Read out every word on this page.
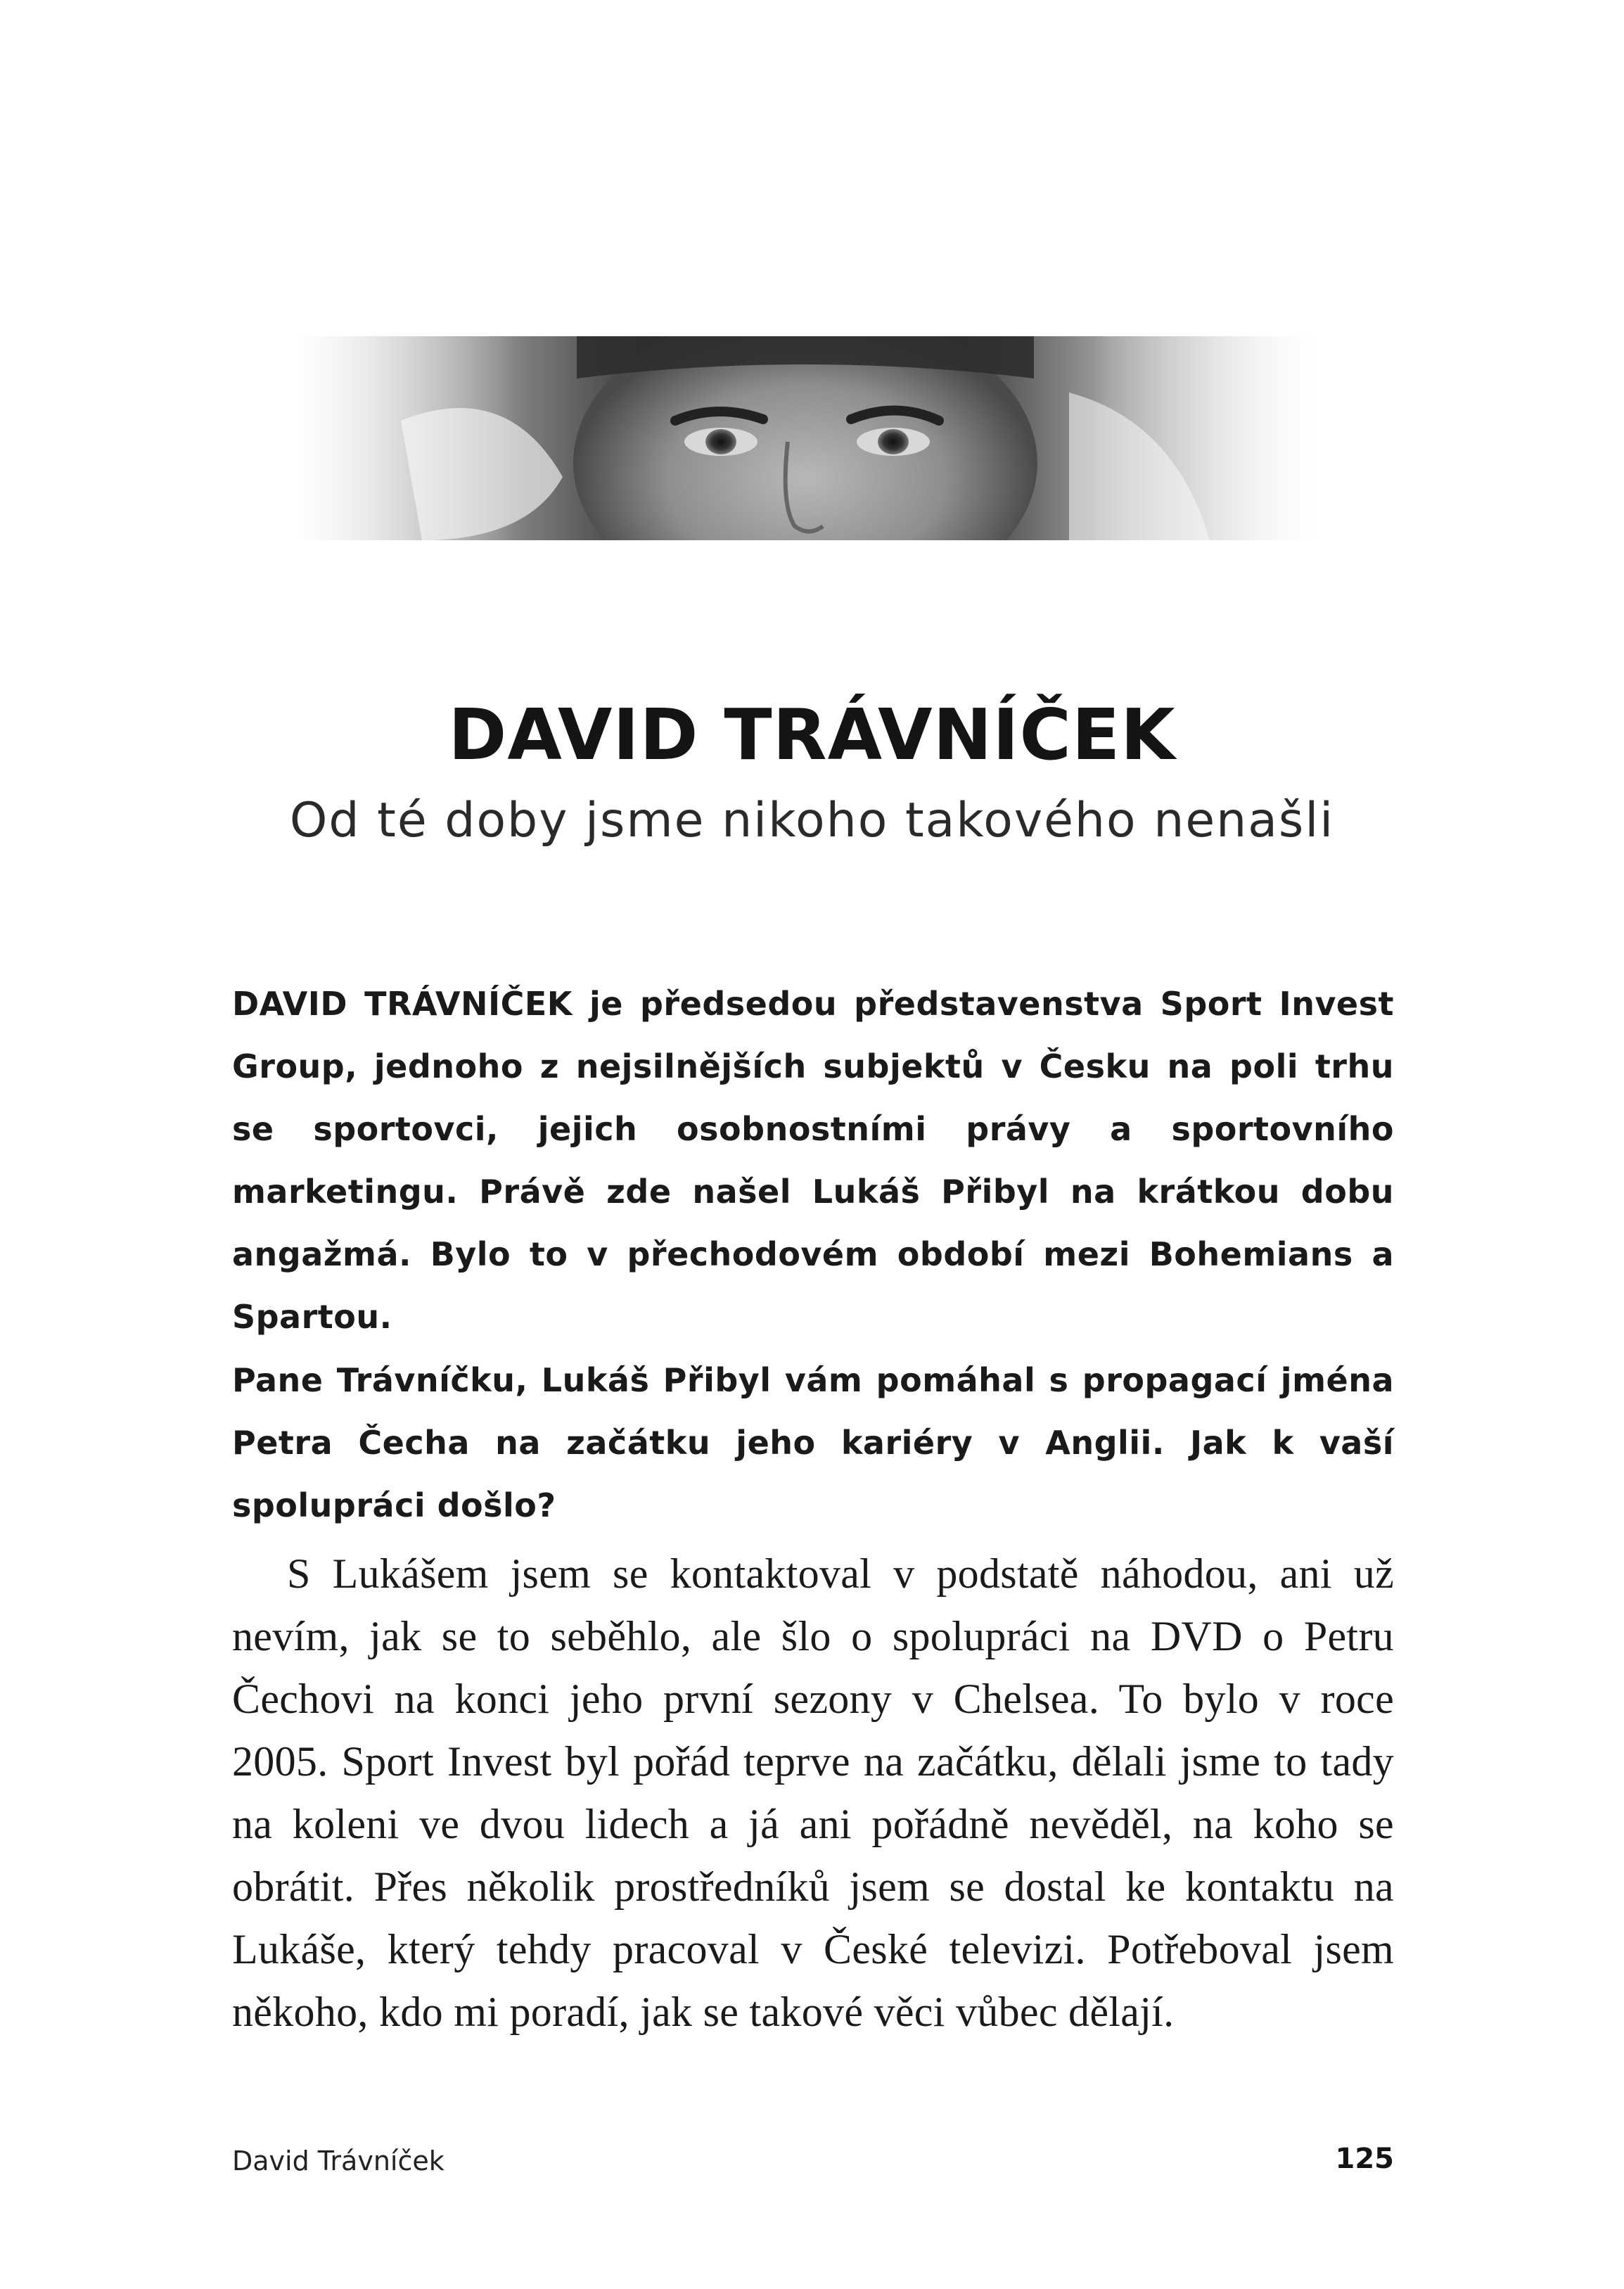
DAVID TRÁVNÍČEK
Od té doby jsme nikoho takového nenašli

DAVID TRÁVNÍČEK je předsedou představenstva Sport Invest Group, jednoho z nejsilnějších subjektů v Česku na poli trhu se sportovci, jejich osobnostními právy a sportovního marketingu. Právě zde našel Lukáš Přibyl na krátkou dobu angažmá. Bylo to v přechodovém období mezi Bohemians a Spartou.

Pane Trávníčku, Lukáš Přibyl vám pomáhal s propagací jména Petra Čecha na začátku jeho kariéry v Anglii. Jak k vaší spolupráci došlo?

S Lukášem jsem se kontaktoval v podstatě náhodou, ani už nevím, jak se to seběhlo, ale šlo o spolupráci na DVD o Petru Čechovi na konci jeho první sezony v Chelsea. To bylo v roce 2005. Sport Invest byl pořád teprve na začátku, dělali jsme to tady na koleni ve dvou lidech a já ani pořádně nevěděl, na koho se obrátit. Přes několik prostředníků jsem se dostal ke kontaktu na Lukáše, který tehdy pracoval v České televizi. Potřeboval jsem někoho, kdo mi poradí, jak se takové věci vůbec dělají.

David Trávníček	125
